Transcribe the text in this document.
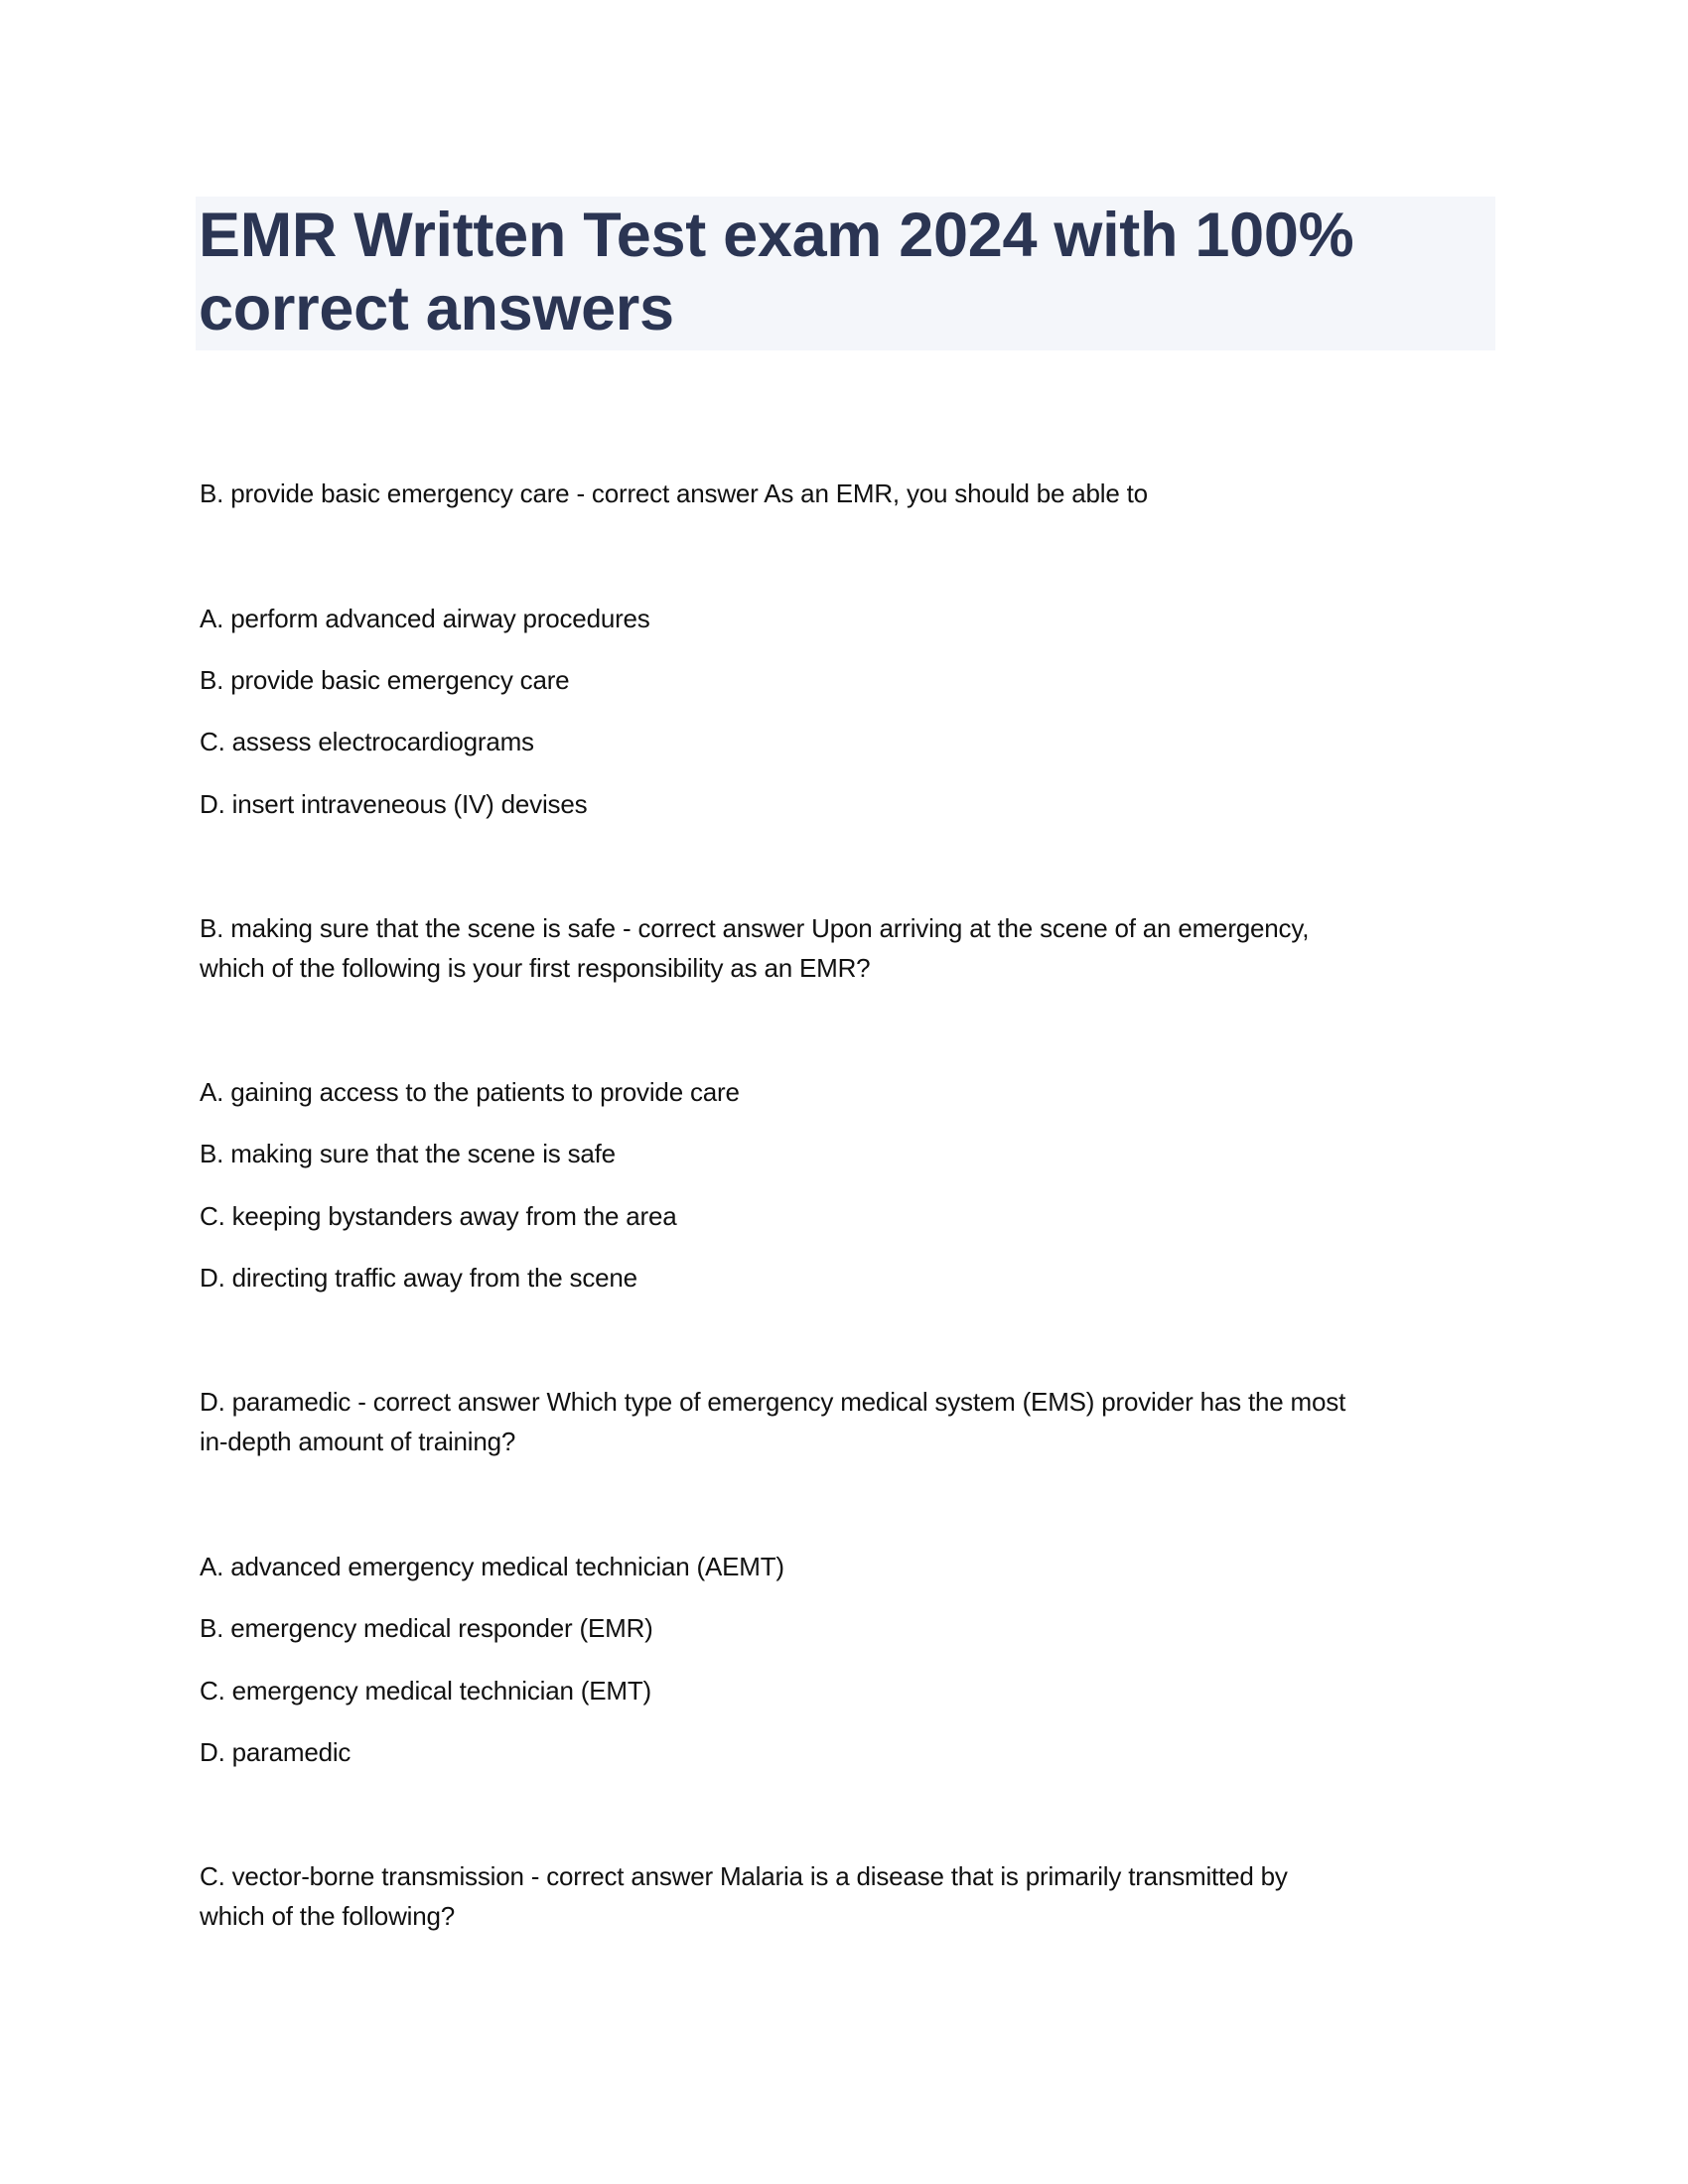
EMR Written Test exam 2024 with 100% correct answers

B. provide basic emergency care - correct answer As an EMR, you should be able to

A. perform advanced airway procedures

B. provide basic emergency care

C. assess electrocardiograms

D. insert intraveneous (IV) devises

B. making sure that the scene is safe - correct answer Upon arriving at the scene of an emergency,

which of the following is your first responsibility as an EMR?

A. gaining access to the patients to provide care

B. making sure that the scene is safe

C. keeping bystanders away from the area

D. directing traffic away from the scene

D. paramedic - correct answer Which type of emergency medical system (EMS) provider has the most

in-depth amount of training?

A. advanced emergency medical technician (AEMT)

B. emergency medical responder (EMR)

C. emergency medical technician (EMT)

D. paramedic

C. vector-borne transmission - correct answer Malaria is a disease that is primarily transmitted by

which of the following?
